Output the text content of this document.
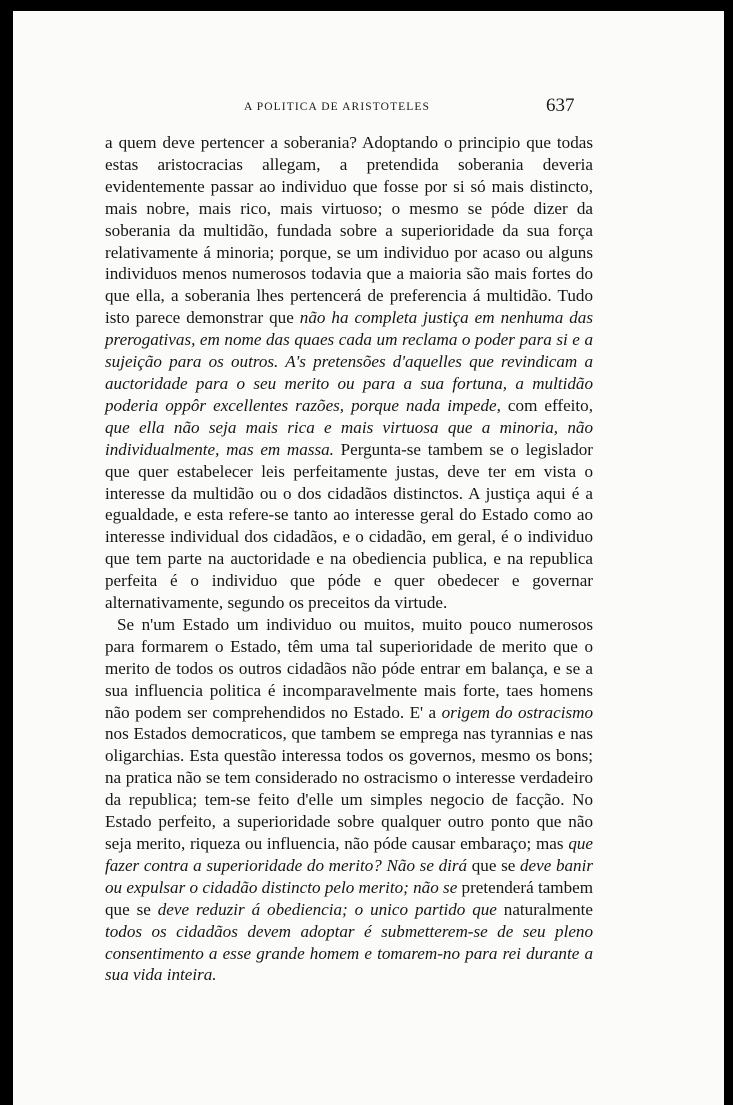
A POLITICA DE ARISTOTELES	637

a quem deve pertencer a soberania? Adoptando o principio que todas estas aristocracias allegam, a pretendida soberania deveria evidentemente passar ao individuo que fosse por si só mais distincto, mais nobre, mais rico, mais virtuoso; o mesmo se póde dizer da soberania da multidão, fundada sobre a superioridade da sua força relativamente á minoria; porque, se um individuo por acaso ou alguns individuos menos numerosos todavia que a maioria são mais fortes do que ella, a soberania lhes pertencerá de preferencia á multidão. Tudo isto parece demonstrar que não ha completa justiça em nenhuma das prerogativas, em nome das quaes cada um reclama o poder para si e a sujeição para os outros. A's pretensões d'aquelles que revindicam a auctoridade para o seu merito ou para a sua fortuna, a multidão poderia oppôr excellentes razões, porque nada impede, com effeito, que ella não seja mais rica e mais virtuosa que a minoria, não individualmente, mas em massa. Pergunta-se tambem se o legislador que quer estabelecer leis perfeitamente justas, deve ter em vista o interesse da multidão ou o dos cidadãos distinctos. A justiça aqui é a egualdade, e esta refere-se tanto ao interesse geral do Estado como ao interesse individual dos cidadãos, e o cidadão, em geral, é o individuo que tem parte na auctoridade e na obediencia publica, e na republica perfeita é o individuo que póde e quer obedecer e governar alternativamente, segundo os preceitos da virtude.

Se n'um Estado um individuo ou muitos, muito pouco numerosos para formarem o Estado, têm uma tal superioridade de merito que o merito de todos os outros cidadãos não póde entrar em balança, e se a sua influencia politica é incomparavelmente mais forte, taes homens não podem ser comprehendidos no Estado. E' a origem do ostracismo nos Estados democraticos, que tambem se emprega nas tyrannias e nas oligarchias. Esta questão interessa todos os governos, mesmo os bons; na pratica não se tem considerado no ostracismo o interesse verdadeiro da republica; tem-se feito d'elle um simples negocio de facção. No Estado perfeito, a superioridade sobre qualquer outro ponto que não seja merito, riqueza ou influencia, não póde causar embaraço; mas que fazer contra a superioridade do merito? Não se dirá que se deve banir ou expulsar o cidadão distincto pelo merito; não se pretenderá tambem que se deve reduzir á obediencia; o unico partido que naturalmente todos os cidadãos devem adoptar é submetterem-se de seu pleno consentimento a esse grande homem e tomarem-no para rei durante a sua vida inteira.
